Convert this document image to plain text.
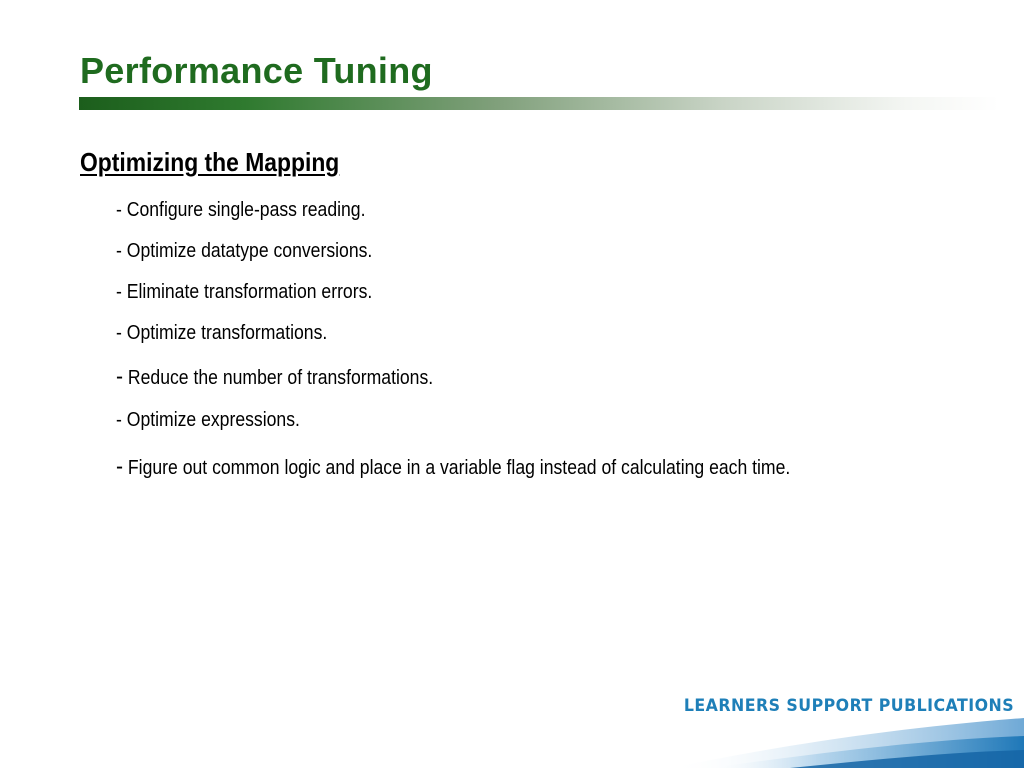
Performance Tuning
Optimizing the Mapping
- Configure single-pass reading.
- Optimize datatype conversions.
- Eliminate transformation errors.
- Optimize transformations.
- Reduce the number of transformations.
- Optimize expressions.
- Figure out common logic and place in a variable flag instead of calculating each time.
LEARNERS SUPPORT PUBLICATIONS
